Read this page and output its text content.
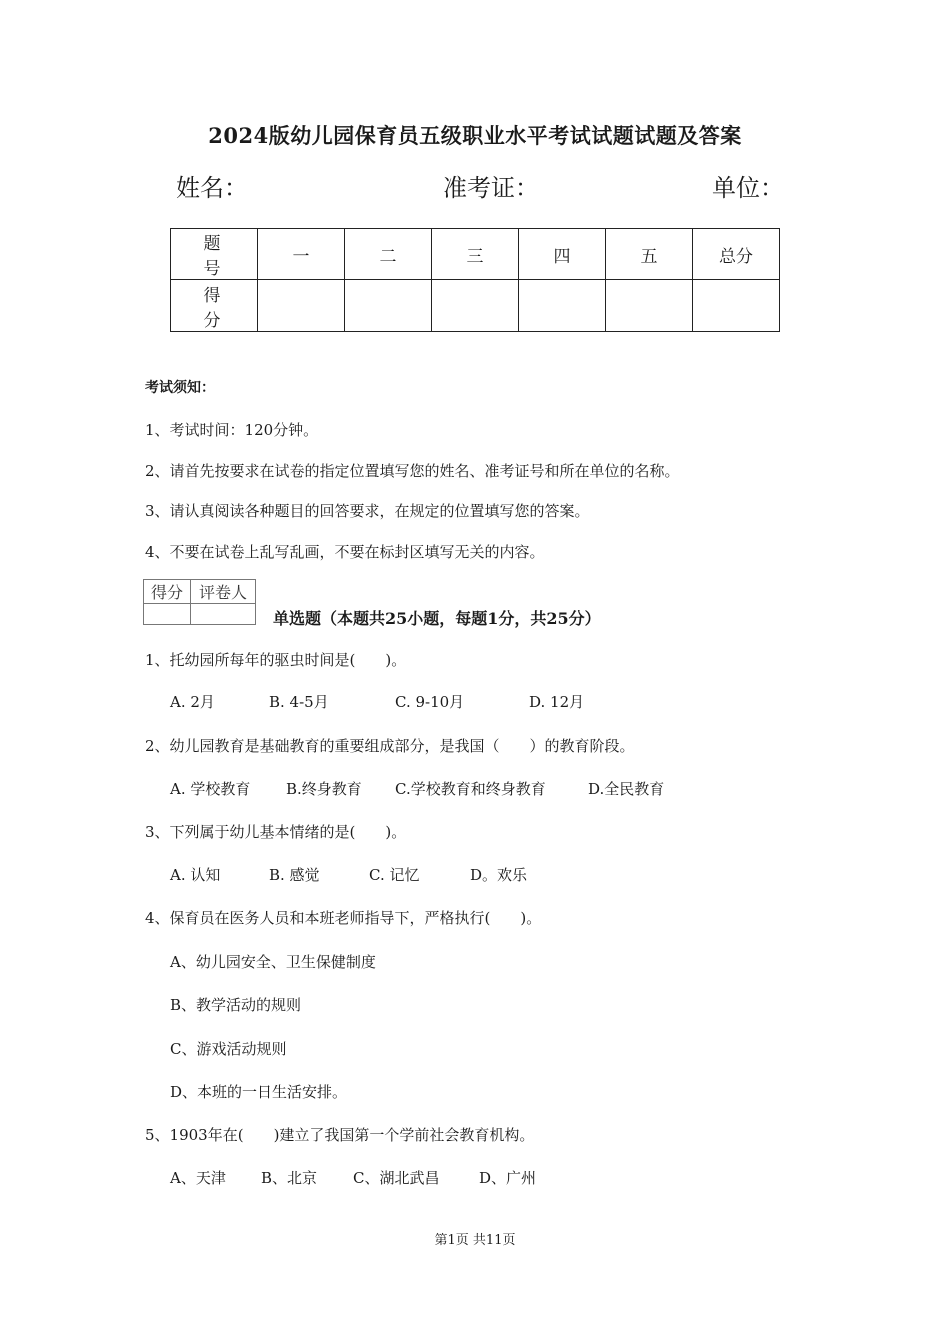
2024版幼儿园保育员五级职业水平考试试题试题及答案
姓名：	准考证：	单位：
题 号	一	二	三	四	五	总分
得 分						
考试须知：
1、考试时间：120分钟。
2、请首先按要求在试卷的指定位置填写您的姓名、准考证号和所在单位的名称。
3、请认真阅读各种题目的回答要求，在规定的位置填写您的答案。
4、不要在试卷上乱写乱画，不要在标封区填写无关的内容。
得分	评卷人

单选题（本题共25小题，每题1分，共25分）
1、托幼园所每年的驱虫时间是(　　)。
A. 2月	B. 4-5月	C. 9-10月	D. 12月
2、幼儿园教育是基础教育的重要组成部分，是我国（　　）的教育阶段。
A. 学校教育 B.终身教育 C.学校教育和终身教育	D.全民教育
3、下列属于幼儿基本情绪的是(　　)。
A. 认知	B. 感觉	C. 记忆	D。欢乐
4、保育员在医务人员和本班老师指导下，严格执行(　　)。
A、幼儿园安全、卫生保健制度
B、教学活动的规则
C、游戏活动规则
D、本班的一日生活安排。
5、1903年在(　　)建立了我国第一个学前社会教育机构。
A、天津 B、北京 C、湖北武昌	D、广州
第1页 共11页
